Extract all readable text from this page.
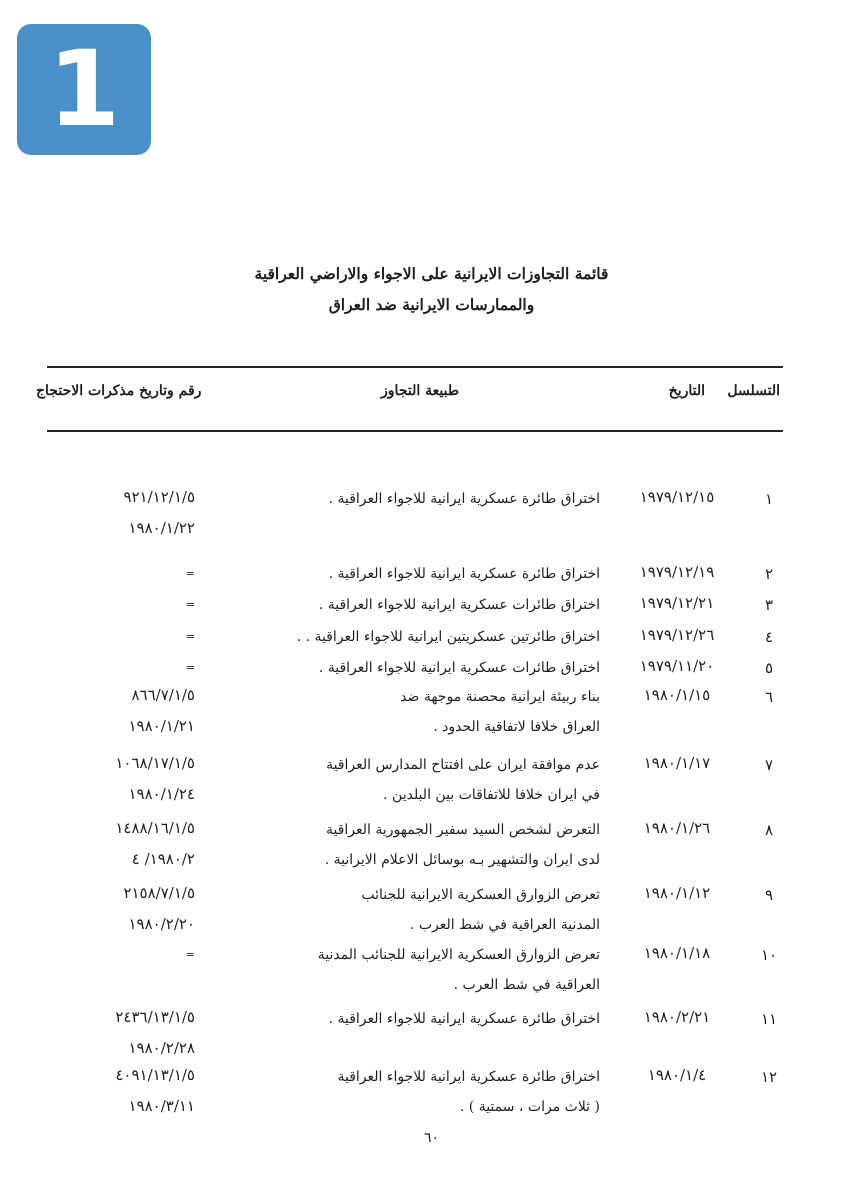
1

قائمة التجاوزات الايرانية على الاجواء والاراضي العراقية

والممارسات الايرانية ضد العراق

التسلسل
التاريخ
طبيعة التجاوز
رقم وتاريخ مذكرات الاحتجاج
١
١٩٧٩/١٢/١٥
اختراق طائرة عسكرية ايرانية للاجواء العراقية .
٩٢١/١٢/١/٥
١٩٨٠/١/٢٢
٢
١٩٧٩/١٢/١٩
اختراق طائرة عسكرية ايرانية للاجواء العراقية .
=
٣
١٩٧٩/١٢/٢١
اختراق طائرات عسكرية ايرانية للاجواء العراقية .
=
٤
١٩٧٩/١٢/٢٦
اختراق طائرتين عسكريتين ايرانية للاجواء العراقية . .
=
٥
١٩٧٩/١١/٢٠
اختراق طائرات عسكرية ايرانية للاجواء العراقية .
=
٦
١٩٨٠/١/١٥
بناء ربيئة ايرانية محصنة موجهة ضد
العراق خلافا لاتفاقية الحدود .
٨٦٦/٧/١/٥
١٩٨٠/١/٢١
٧
١٩٨٠/١/١٧
عدم موافقة ايران على افتتاح المدارس العراقية
في ايران خلافا للاتفاقات بين البلدين .
١٠٦٨/١٧/١/٥
١٩٨٠/١/٢٤
٨
١٩٨٠/١/٢٦
التعرض لشخص السيد سفير الجمهورية العراقية
لدى ايران والتشهير بـه بوسائل الاعلام الايرانية .
١٤٨٨/١٦/١/٥
١٩٨٠/٢/ ٤
٩
١٩٨٠/١/١٢
تعرض الزوارق العسكرية الايرانية للجنائب
المدنية العراقية في شط العرب .
٢١٥٨/٧/١/٥
١٩٨٠/٢/٢٠
١٠
١٩٨٠/١/١٨
تعرض الزوارق العسكرية الايرانية للجنائب المدنية
العراقية في شط العرب .
=
١١
١٩٨٠/٢/٢١
اختراق طائرة عسكرية ايرانية للاجواء العراقية .
٢٤٣٦/١٣/١/٥
١٩٨٠/٢/٢٨
١٢
١٩٨٠/١/٤
اختراق طائرة عسكرية ايرانية للاجواء العراقية
( ثلاث مرات ، سمتية ) .
٤٠٩١/١٣/١/٥
١٩٨٠/٣/١١
٦٠
